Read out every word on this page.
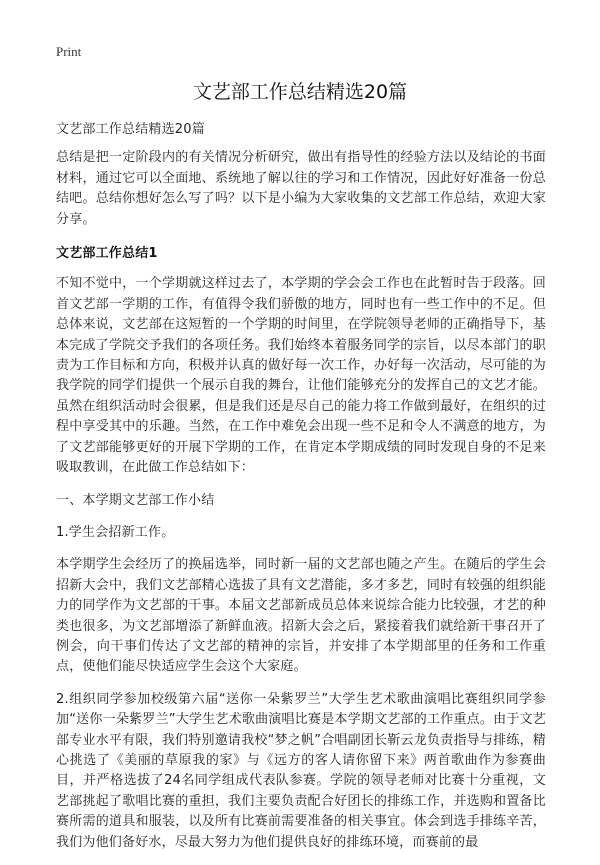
Print
文艺部工作总结精选20篇

文艺部工作总结精选20篇

总结是把一定阶段内的有关情况分析研究，做出有指导性的经验方法以及结论的书面材料，通过它可以全面地、系统地了解以往的学习和工作情况，因此好好准备一份总结吧。总结你想好怎么写了吗？以下是小编为大家收集的文艺部工作总结，欢迎大家分享。

文艺部工作总结1

不知不觉中，一个学期就这样过去了，本学期的学会会工作也在此暂时告于段落。回首文艺部一学期的工作，有值得令我们骄傲的地方，同时也有一些工作中的不足。但总体来说，文艺部在这短暂的一个学期的时间里，在学院领导老师的正确指导下，基本完成了学院交予我们的各项任务。我们始终本着服务同学的宗旨，以尽本部门的职责为工作目标和方向，积极并认真的做好每一次工作，办好每一次活动，尽可能的为我学院的同学们提供一个展示自我的舞台，让他们能够充分的发挥自己的文艺才能。虽然在组织活动时会很累，但是我们还是尽自己的能力将工作做到最好，在组织的过程中享受其中的乐趣。当然，在工作中难免会出现一些不足和令人不满意的地方，为了文艺部能够更好的开展下学期的工作，在肯定本学期成绩的同时发现自身的不足来吸取教训，在此做工作总结如下：

一、本学期文艺部工作小结

1.学生会招新工作。

本学期学生会经历了的换届选举，同时新一届的文艺部也随之产生。在随后的学生会招新大会中，我们文艺部精心选拔了具有文艺潜能，多才多艺，同时有较强的组织能力的同学作为文艺部的干事。本届文艺部新成员总体来说综合能力比较强，才艺的种类也很多，为文艺部增添了新鲜血液。招新大会之后，紧接着我们就给新干事召开了例会，向干事们传达了文艺部的精神的宗旨，并安排了本学期部里的任务和工作重点，使他们能尽快适应学生会这个大家庭。

2.组织同学参加校级第六届“送你一朵紫罗兰”大学生艺术歌曲演唱比赛组织同学参加“送你一朵紫罗兰”大学生艺术歌曲演唱比赛是本学期文艺部的工作重点。由于文艺部专业水平有限，我们特别邀请我校“梦之帆”合唱副团长靳云龙负责指导与排练，精心挑选了《美丽的草原我的家》与《远方的客人请你留下来》两首歌曲作为参赛曲目，并严格选拔了24名同学组成代表队参赛。学院的领导老师对比赛十分重视，文艺部挑起了歌唱比赛的重担，我们主要负责配合好团长的排练工作，并选购和置备比赛所需的道具和服装，以及所有比赛前需要准备的相关事宜。体会到选手排练辛苦，我们为他们备好水，尽最大努力为他们提供良好的排练环境，而赛前的最
